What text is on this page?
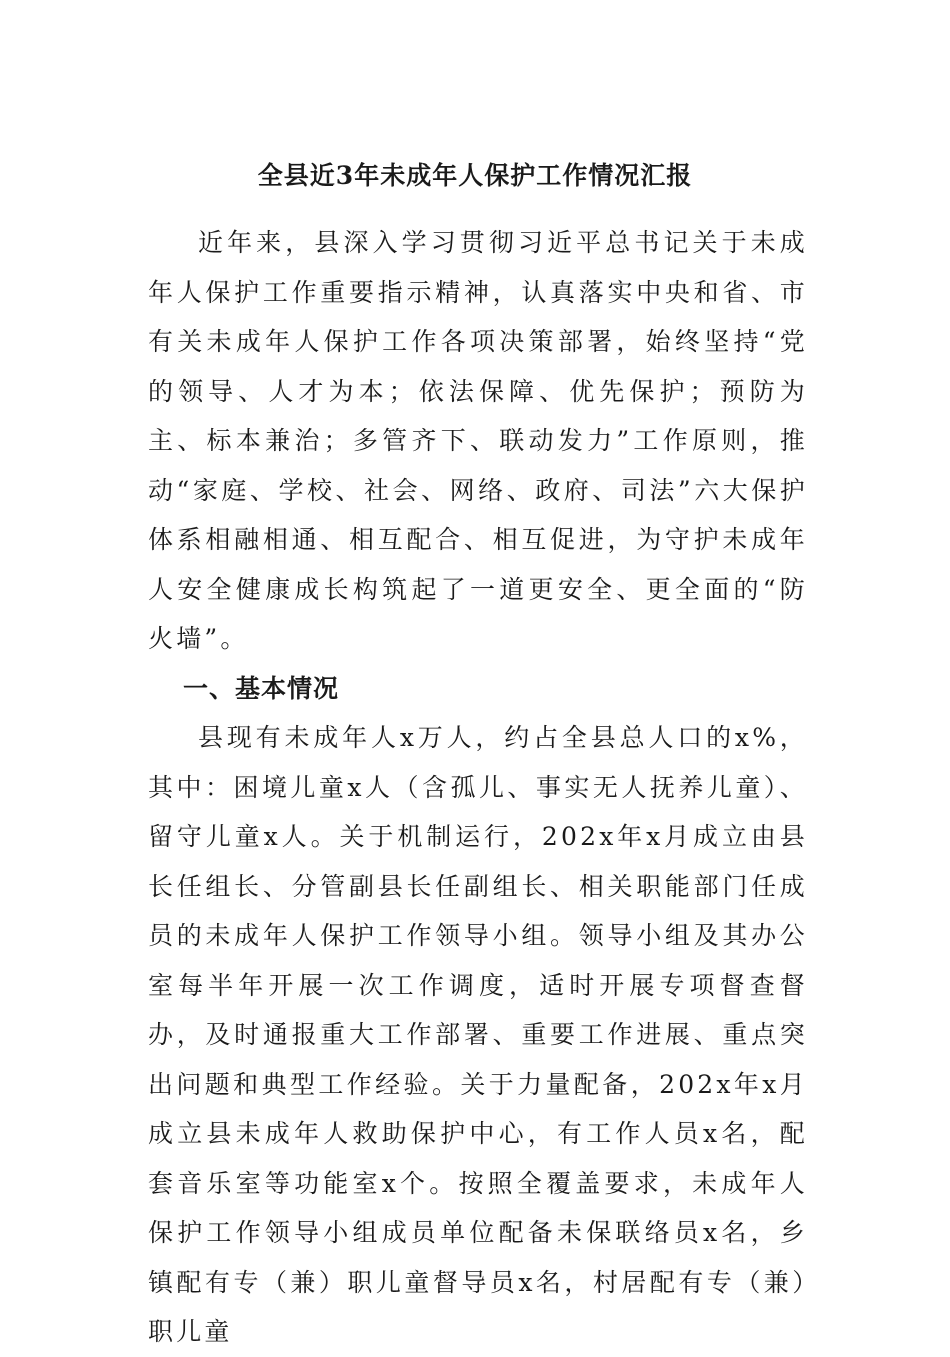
全县近3年未成年人保护工作情况汇报

近年来，县深入学习贯彻习近平总书记关于未成年人保护工作重要指示精神，认真落实中央和省、市有关未成年人保护工作各项决策部署，始终坚持“党的领导、人才为本；依法保障、优先保护；预防为主、标本兼治；多管齐下、联动发力”工作原则，推动“家庭、学校、社会、网络、政府、司法”六大保护体系相融相通、相互配合、相互促进，为守护未成年人安全健康成长构筑起了一道更安全、更全面的“防火墙”。

一、基本情况

县现有未成年人x万人，约占全县总人口的x%，其中：困境儿童x人（含孤儿、事实无人抚养儿童）、留守儿童x人。关于机制运行，202x年x月成立由县长任组长、分管副县长任副组长、相关职能部门任成员的未成年人保护工作领导小组。领导小组及其办公室每半年开展一次工作调度，适时开展专项督查督办，及时通报重大工作部署、重要工作进展、重点突出问题和典型工作经验。关于力量配备，202x年x月成立县未成年人救助保护中心，有工作人员x名，配套音乐室等功能室x个。按照全覆盖要求，未成年人保护工作领导小组成员单位配备未保联络员x名，乡镇配有专（兼）职儿童督导员x名，村居配有专（兼）职儿童
